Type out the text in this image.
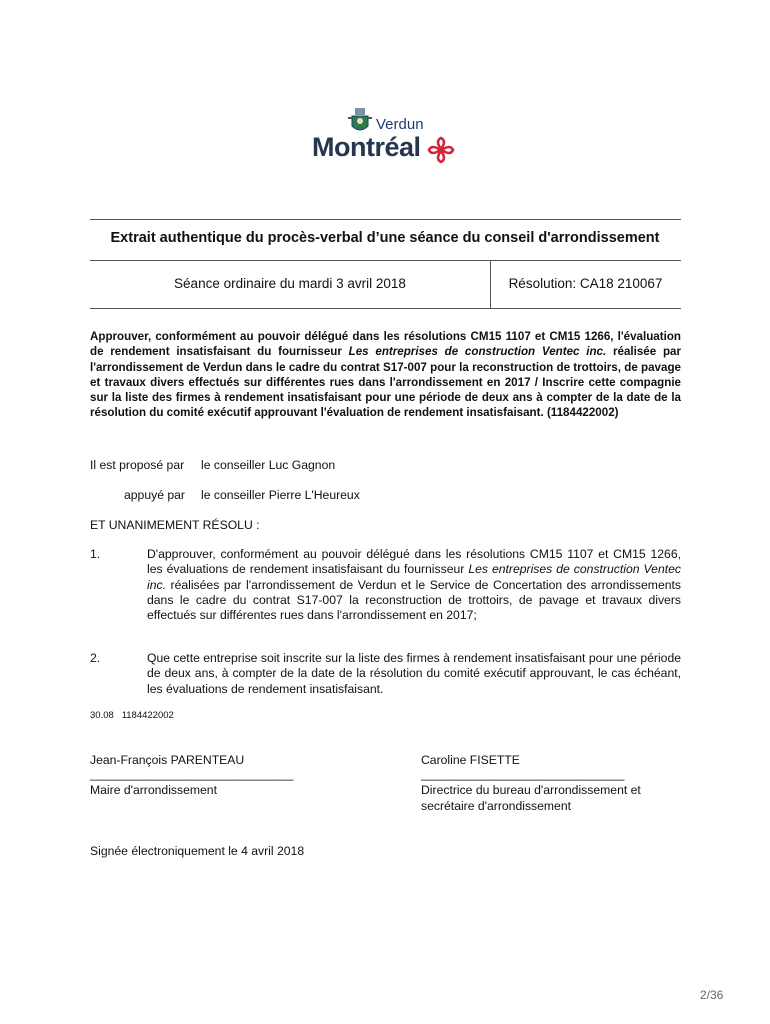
Verdun
Montréal
Extrait authentique du procès-verbal d’une séance du conseil d'arrondissement
Séance ordinaire du mardi 3 avril 2018	Résolution: CA18 210067
Approuver, conformément au pouvoir délégué dans les résolutions CM15 1107 et CM15 1266, l'évaluation de rendement insatisfaisant du fournisseur Les entreprises de construction Ventec inc. réalisée par l'arrondissement de Verdun dans le cadre du contrat S17-007 pour la reconstruction de trottoirs, de pavage et travaux divers effectués sur différentes rues dans l'arrondissement en 2017 / Inscrire cette compagnie sur la liste des firmes à rendement insatisfaisant pour une période de deux ans à compter de la date de la résolution du comité exécutif approuvant l'évaluation de rendement insatisfaisant. (1184422002)
Il est proposé par le conseiller Luc Gagnon
appuyé par le conseiller Pierre L'Heureux
ET UNANIMEMENT RÉSOLU :
1.	D'approuver, conformément au pouvoir délégué dans les résolutions CM15 1107 et CM15 1266, les évaluations de rendement insatisfaisant du fournisseur Les entreprises de construction Ventec inc. réalisées par l'arrondissement de Verdun et le Service de Concertation des arrondissements dans le cadre du contrat S17-007 la reconstruction de trottoirs, de pavage et travaux divers effectués sur différentes rues dans l'arrondissement en 2017;
2.	Que cette entreprise soit inscrite sur la liste des firmes à rendement insatisfaisant pour une période de deux ans, à compter de la date de la résolution du comité exécutif approuvant, le cas échéant, les évaluations de rendement insatisfaisant.
30.08   1184422002
Jean-François PARENTEAU
______________________________
Maire d'arrondissement
Caroline FISETTE
______________________________
Directrice du bureau d'arrondissement et
secrétaire d'arrondissement
Signée électroniquement le 4 avril 2018
2/36
